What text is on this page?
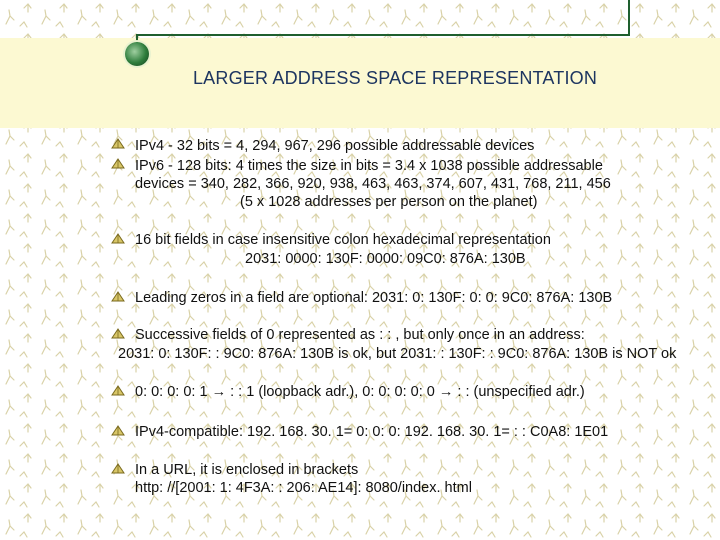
LARGER ADDRESS SPACE REPRESENTATION
IPv4 - 32 bits = 4, 294, 967, 296 possible addressable devices
IPv6 - 128 bits: 4 times the size in bits = 3.4 x 1038 possible addressable
devices = 340, 282, 366, 920, 938, 463, 463, 374, 607, 431, 768, 211, 456
(5 x 1028 addresses per person on the planet)
16 bit fields in case insensitive colon hexadecimal representation
2031: 0000: 130F: 0000: 09C0: 876A: 130B
Leading zeros in a field are optional: 2031: 0: 130F: 0: 0: 9C0: 876A: 130B
Successive fields of 0 represented as : : , but only once in an address:
2031: 0: 130F: : 9C0: 876A: 130B is ok, but 2031: : 130F: : 9C0: 876A: 130B is NOT ok
0: 0: 0: 0: 1 → : : 1 (loopback adr.), 0: 0: 0: 0: 0 → : : (unspecified adr.)
IPv4-compatible: 192. 168. 30. 1= 0: 0: 0: 192. 168. 30. 1= : : C0A8: 1E01
In a URL, it is enclosed in brackets
http: //[2001: 1: 4F3A: : 206: AE14]: 8080/index. html
